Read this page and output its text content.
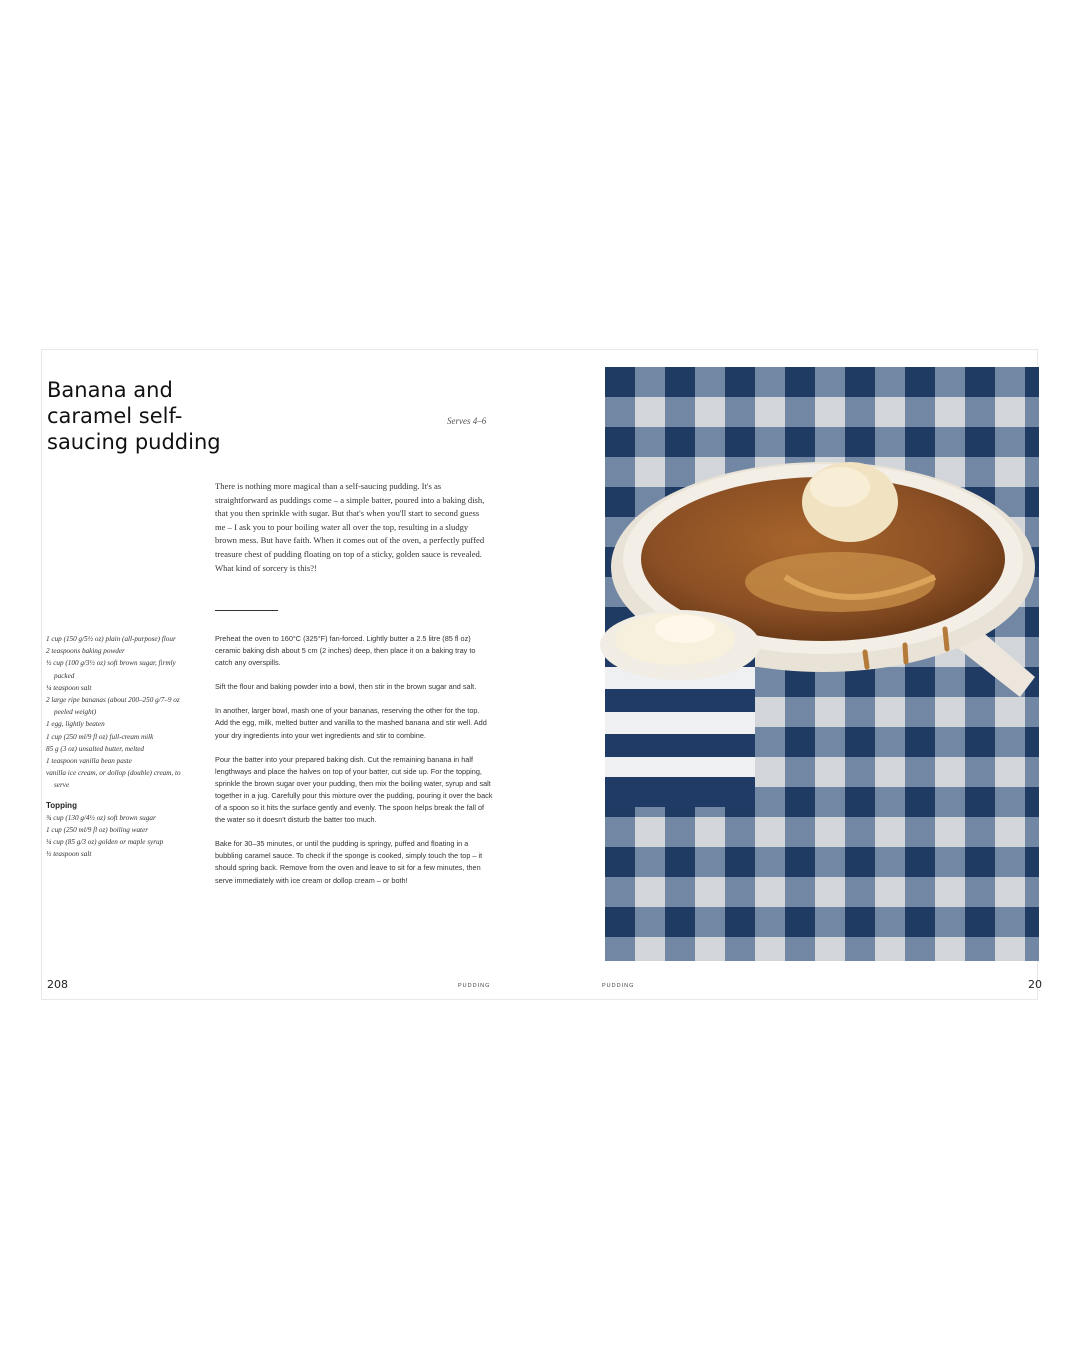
Banana and
caramel self-
saucing pudding
Serves 4–6
There is nothing more magical than a self-saucing pudding. It's as straightforward as puddings come – a simple batter, poured into a baking dish, that you then sprinkle with sugar. But that's when you'll start to second guess me – I ask you to pour boiling water all over the top, resulting in a sludgy brown mess. But have faith. When it comes out of the oven, a perfectly puffed treasure chest of pudding floating on top of a sticky, golden sauce is revealed. What kind of sorcery is this?!
1 cup (150 g/5½ oz) plain (all-purpose) flour
2 teaspoons baking powder
½ cup (100 g/3½ oz) soft brown sugar, firmly packed
¼ teaspoon salt
2 large ripe bananas (about 200–250 g/7–9 oz peeled weight)
1 egg, lightly beaten
1 cup (250 ml/9 fl oz) full-cream milk
85 g (3 oz) unsalted butter, melted
1 teaspoon vanilla bean paste
vanilla ice cream, or dollop (double) cream, to serve
Topping
¾ cup (130 g/4½ oz) soft brown sugar
1 cup (250 ml/9 fl oz) boiling water
¼ cup (85 g/3 oz) golden or maple syrup
½ teaspoon salt

Preheat the oven to 160°C (325°F) fan-forced. Lightly butter a 2.5 litre (85 fl oz) ceramic baking dish about 5 cm (2 inches) deep, then place it on a baking tray to catch any overspills.

Sift the flour and baking powder into a bowl, then stir in the brown sugar and salt.

In another, larger bowl, mash one of your bananas, reserving the other for the top. Add the egg, milk, melted butter and vanilla to the mashed banana and stir well. Add your dry ingredients into your wet ingredients and stir to combine.

Pour the batter into your prepared baking dish. Cut the remaining banana in half lengthways and place the halves on top of your batter, cut side up. For the topping, sprinkle the brown sugar over your pudding, then mix the boiling water, syrup and salt together in a jug. Carefully pour this mixture over the pudding, pouring it over the back of a spoon so it hits the surface gently and evenly. The spoon helps break the fall of the water so it doesn't disturb the batter too much.

Bake for 30–35 minutes, or until the pudding is springy, puffed and floating in a bubbling caramel sauce. To check if the sponge is cooked, simply touch the top – it should spring back. Remove from the oven and leave to sit for a few minutes, then serve immediately with ice cream or dollop cream – or both!

208	PUDDING	PUDDING	20
